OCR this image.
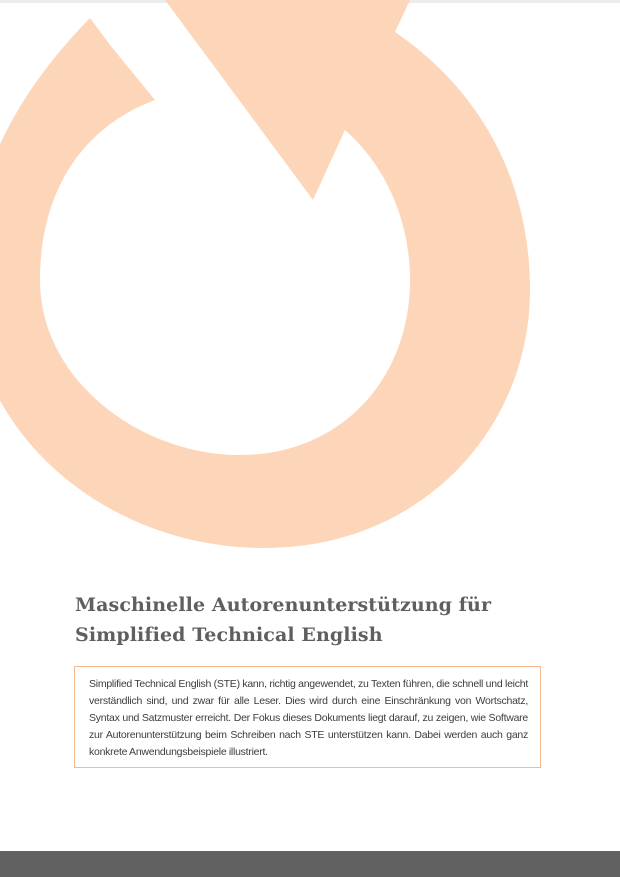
Maschinelle Autorenunterstützung für
Simplified Technical English

Simplified Technical English (STE) kann, richtig angewendet, zu Texten führen, die schnell und leicht verständlich sind, und zwar für alle Leser. Dies wird durch eine Einschränkung von Wortschatz, Syntax und Satzmuster erreicht. Der Fokus dieses Dokuments liegt darauf, zu zeigen, wie Software zur Autorenunterstützung beim Schreiben nach STE unterstützen kann. Dabei werden auch ganz konkrete Anwendungsbeispiele illustriert.
